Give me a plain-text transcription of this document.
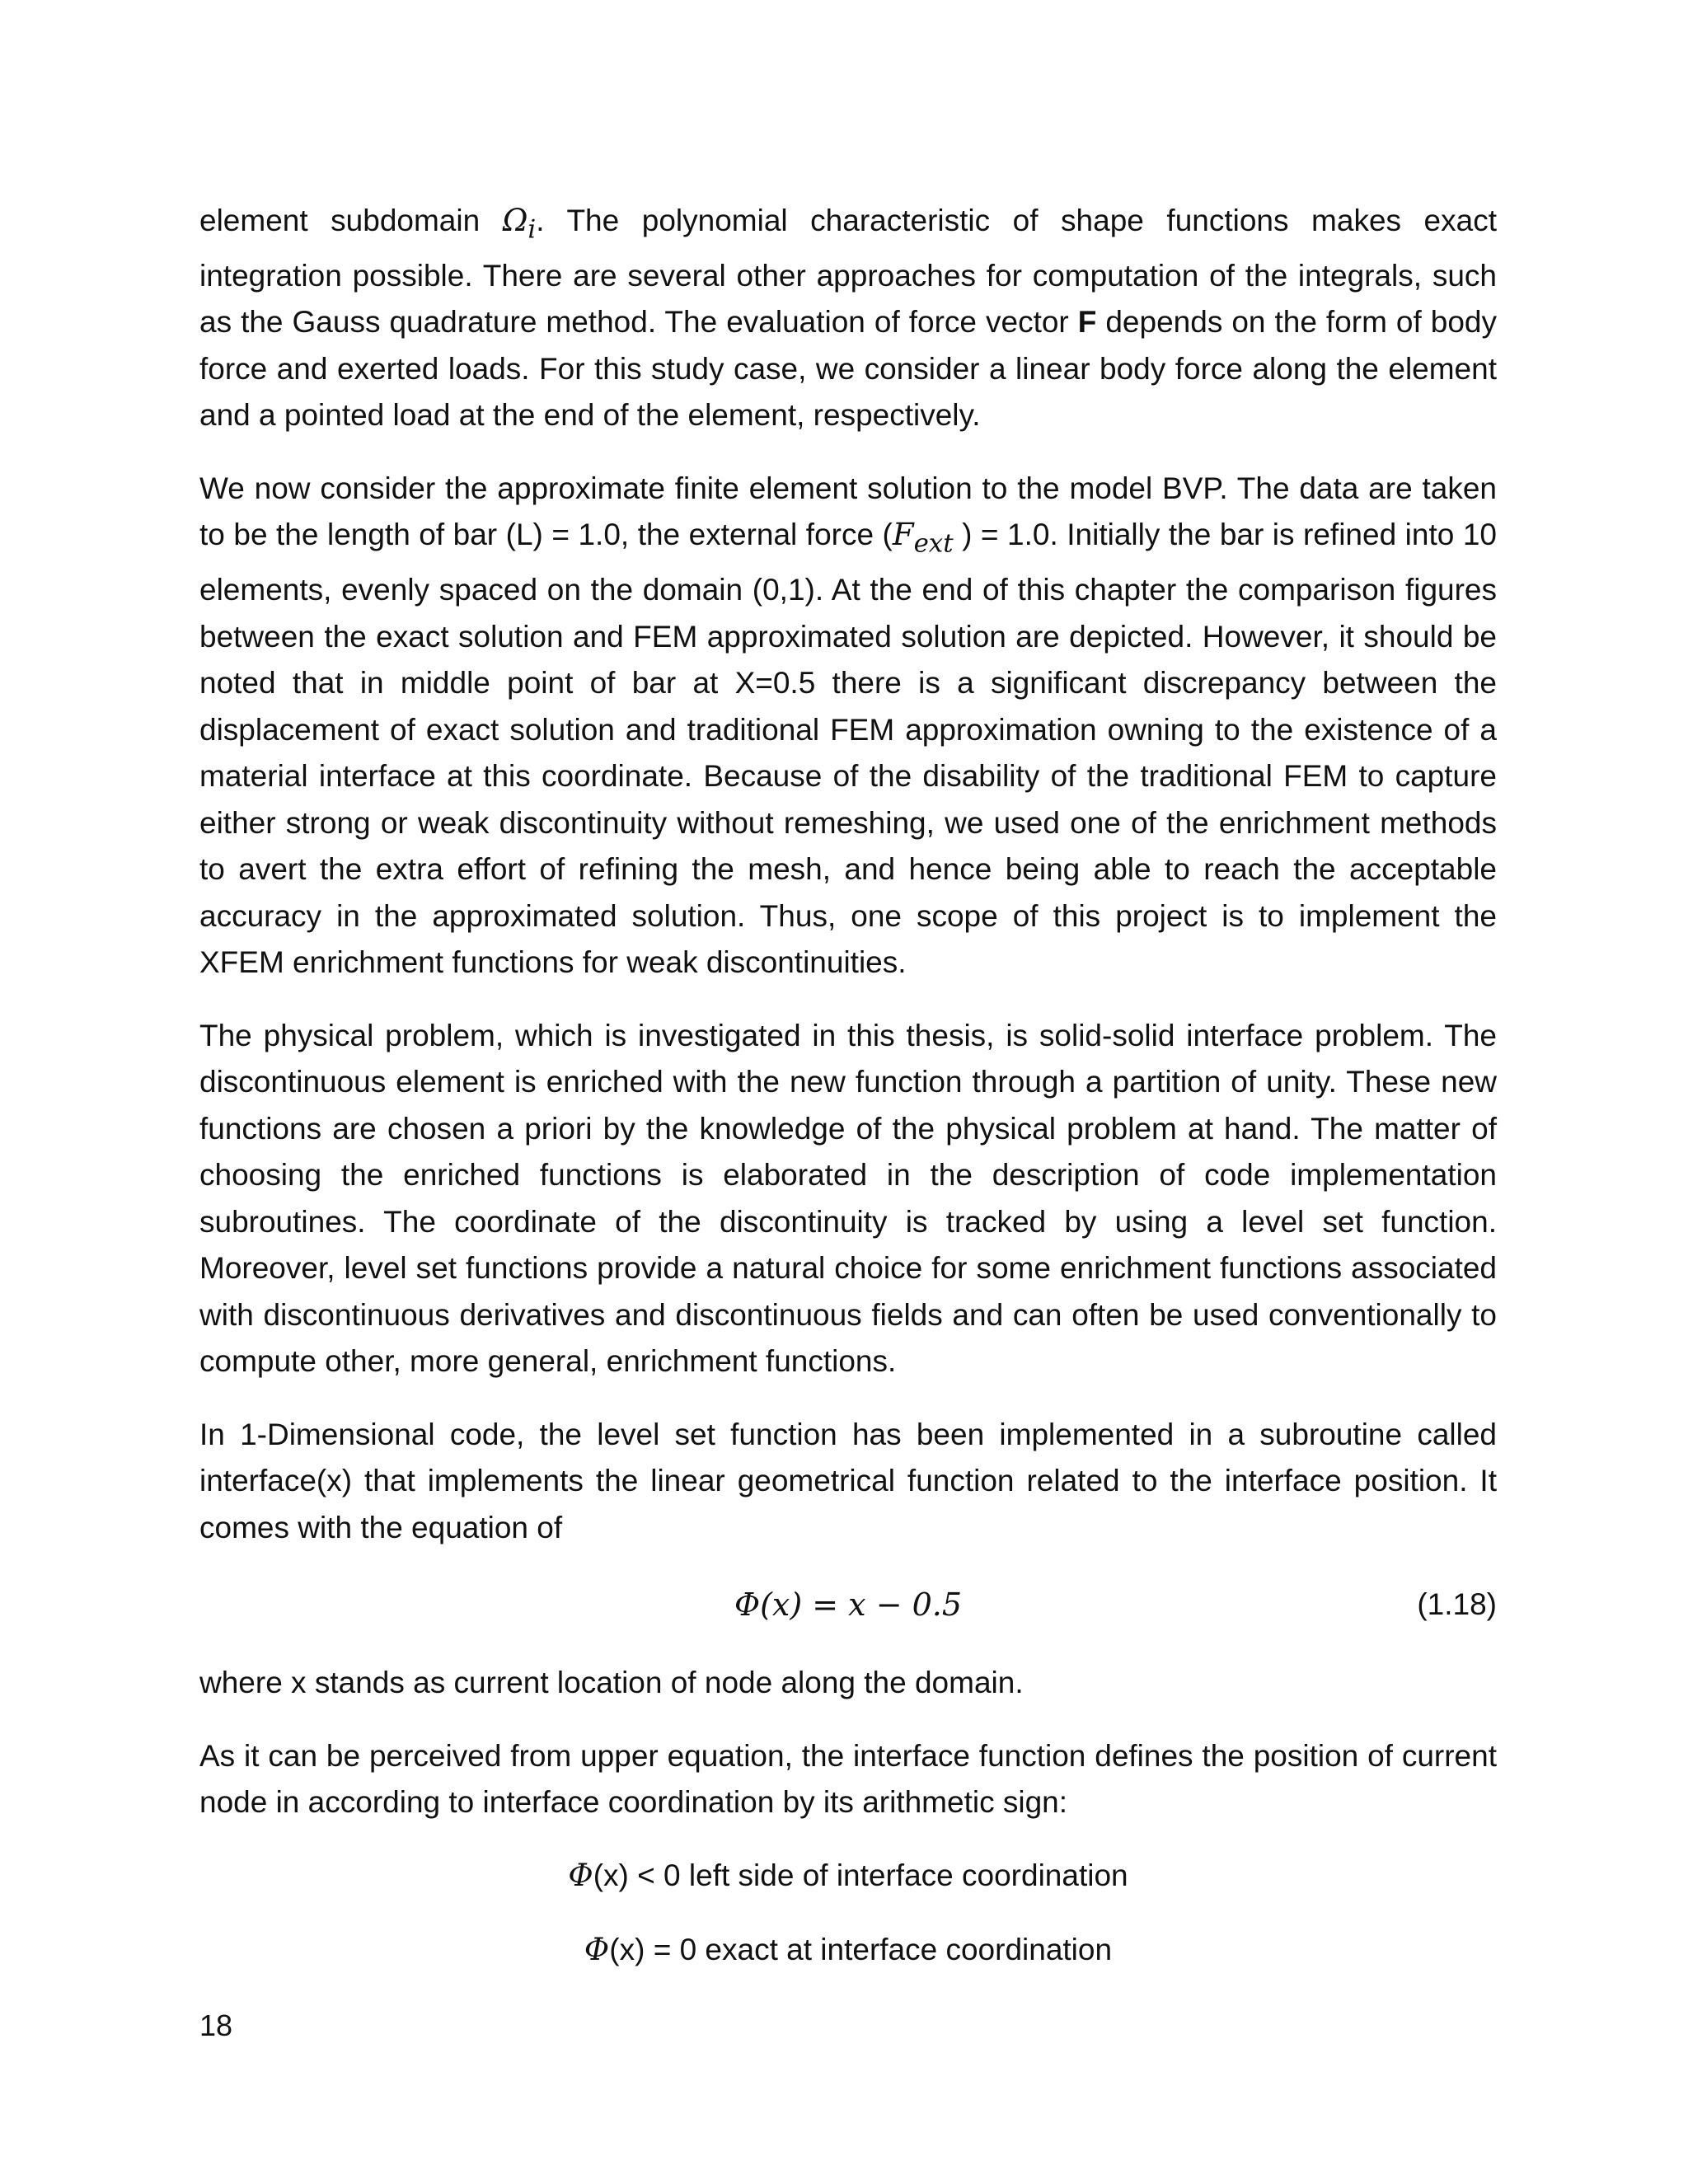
element subdomain $\Omega_i$. The polynomial characteristic of shape functions makes exact integration possible. There are several other approaches for computation of the integrals, such as the Gauss quadrature method. The evaluation of force vector F depends on the form of body force and exerted loads. For this study case, we consider a linear body force along the element and a pointed load at the end of the element, respectively.

We now consider the approximate finite element solution to the model BVP. The data are taken to be the length of bar (L) = 1.0, the external force ($F_{ext}$ ) = 1.0. Initially the bar is refined into 10 elements, evenly spaced on the domain (0,1). At the end of this chapter the comparison figures between the exact solution and FEM approximated solution are depicted. However, it should be noted that in middle point of bar at X=0.5 there is a significant discrepancy between the displacement of exact solution and traditional FEM approximation owning to the existence of a material interface at this coordinate. Because of the disability of the traditional FEM to capture either strong or weak discontinuity without remeshing, we used one of the enrichment methods to avert the extra effort of refining the mesh, and hence being able to reach the acceptable accuracy in the approximated solution. Thus, one scope of this project is to implement the XFEM enrichment functions for weak discontinuities.

The physical problem, which is investigated in this thesis, is solid-solid interface problem. The discontinuous element is enriched with the new function through a partition of unity. These new functions are chosen a priori by the knowledge of the physical problem at hand. The matter of choosing the enriched functions is elaborated in the description of code implementation subroutines. The coordinate of the discontinuity is tracked by using a level set function. Moreover, level set functions provide a natural choice for some enrichment functions associated with discontinuous derivatives and discontinuous fields and can often be used conventionally to compute other, more general, enrichment functions.

In 1-Dimensional code, the level set function has been implemented in a subroutine called interface(x) that implements the linear geometrical function related to the interface position. It comes with the equation of

Φ(x) = x − 0.5	(1.18)

where x stands as current location of node along the domain.

As it can be perceived from upper equation, the interface function defines the position of current node in according to interface coordination by its arithmetic sign:

Φ(x) < 0 left side of interface coordination
Φ(x) = 0 exact at interface coordination
18
